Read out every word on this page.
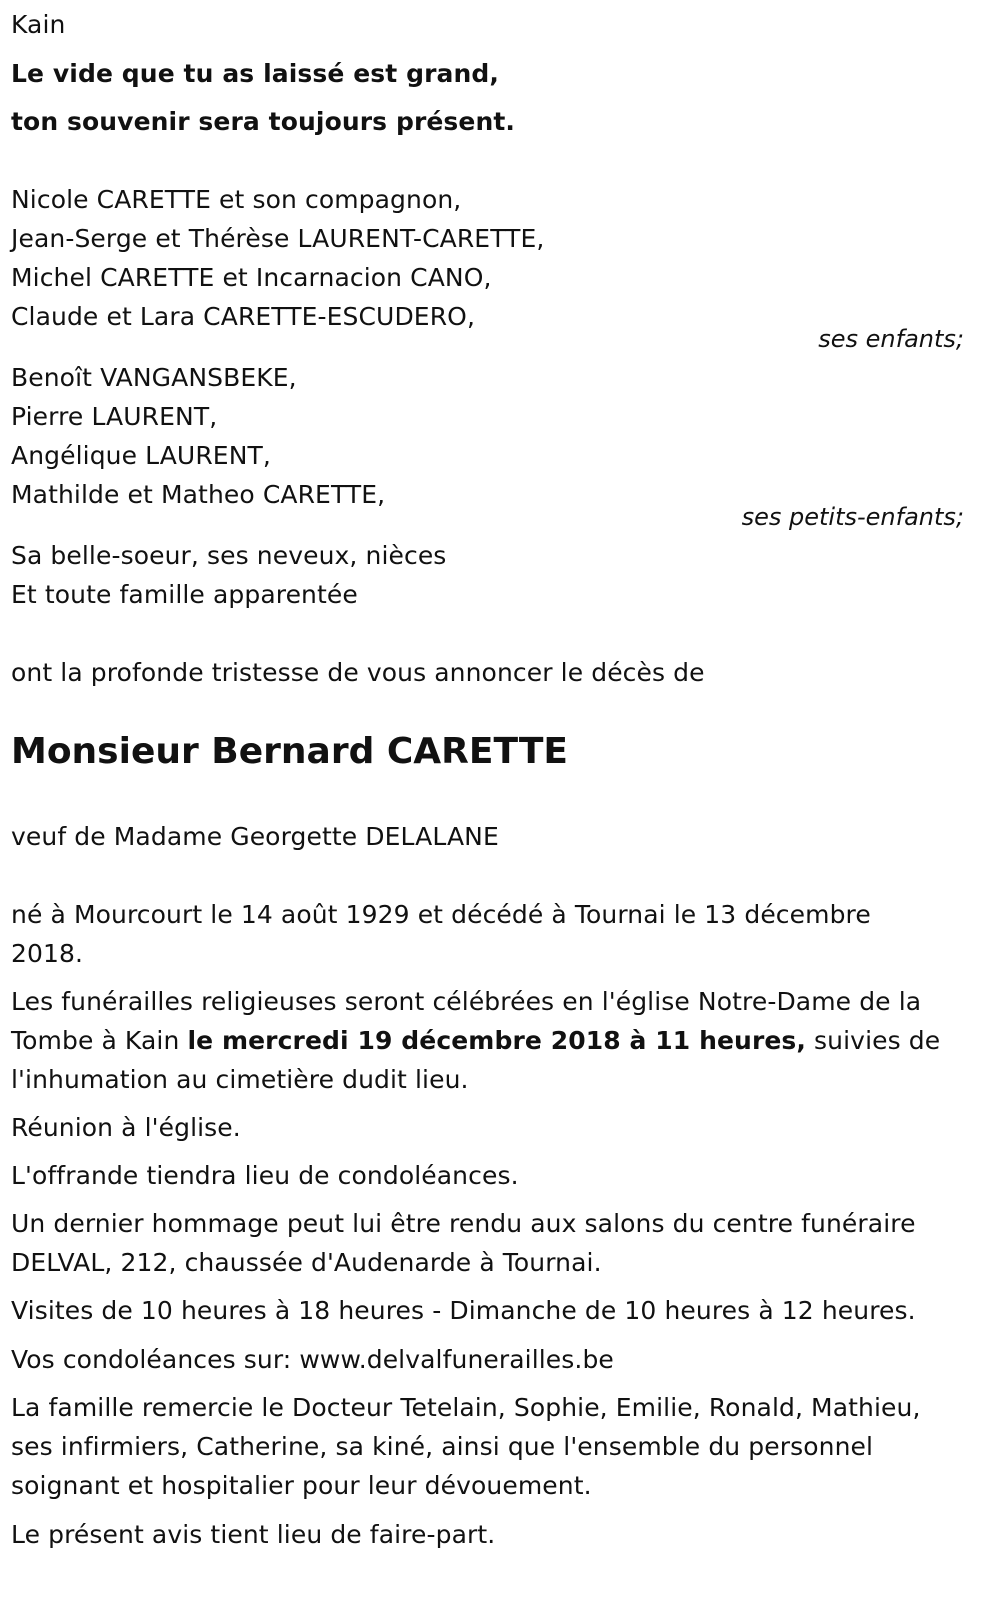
Kain
Le vide que tu as laissé est grand,
ton souvenir sera toujours présent.
Nicole CARETTE et son compagnon,
Jean-Serge et Thérèse LAURENT-CARETTE,
Michel CARETTE et Incarnacion CANO,
Claude et Lara CARETTE-ESCUDERO,
ses enfants;
Benoît VANGANSBEKE,
Pierre LAURENT,
Angélique LAURENT,
Mathilde et Matheo CARETTE,
ses petits-enfants;
Sa belle-soeur, ses neveux, nièces
Et toute famille apparentée
ont la profonde tristesse de vous annoncer le décès de
Monsieur Bernard CARETTE
veuf de Madame Georgette DELALANE
né à Mourcourt le 14 août 1929 et décédé à Tournai le 13 décembre
2018.
Les funérailles religieuses seront célébrées en l'église Notre-Dame de la
Tombe à Kain le mercredi 19 décembre 2018 à 11 heures, suivies de
l'inhumation au cimetière dudit lieu.
Réunion à l'église.
L'offrande tiendra lieu de condoléances.
Un dernier hommage peut lui être rendu aux salons du centre funéraire
DELVAL, 212, chaussée d'Audenarde à Tournai.
Visites de 10 heures à 18 heures - Dimanche de 10 heures à 12 heures.
Vos condoléances sur: www.delvalfunerailles.be
La famille remercie le Docteur Tetelain, Sophie, Emilie, Ronald, Mathieu,
ses infirmiers, Catherine, sa kiné, ainsi que l'ensemble du personnel
soignant et hospitalier pour leur dévouement.
Le présent avis tient lieu de faire-part.
